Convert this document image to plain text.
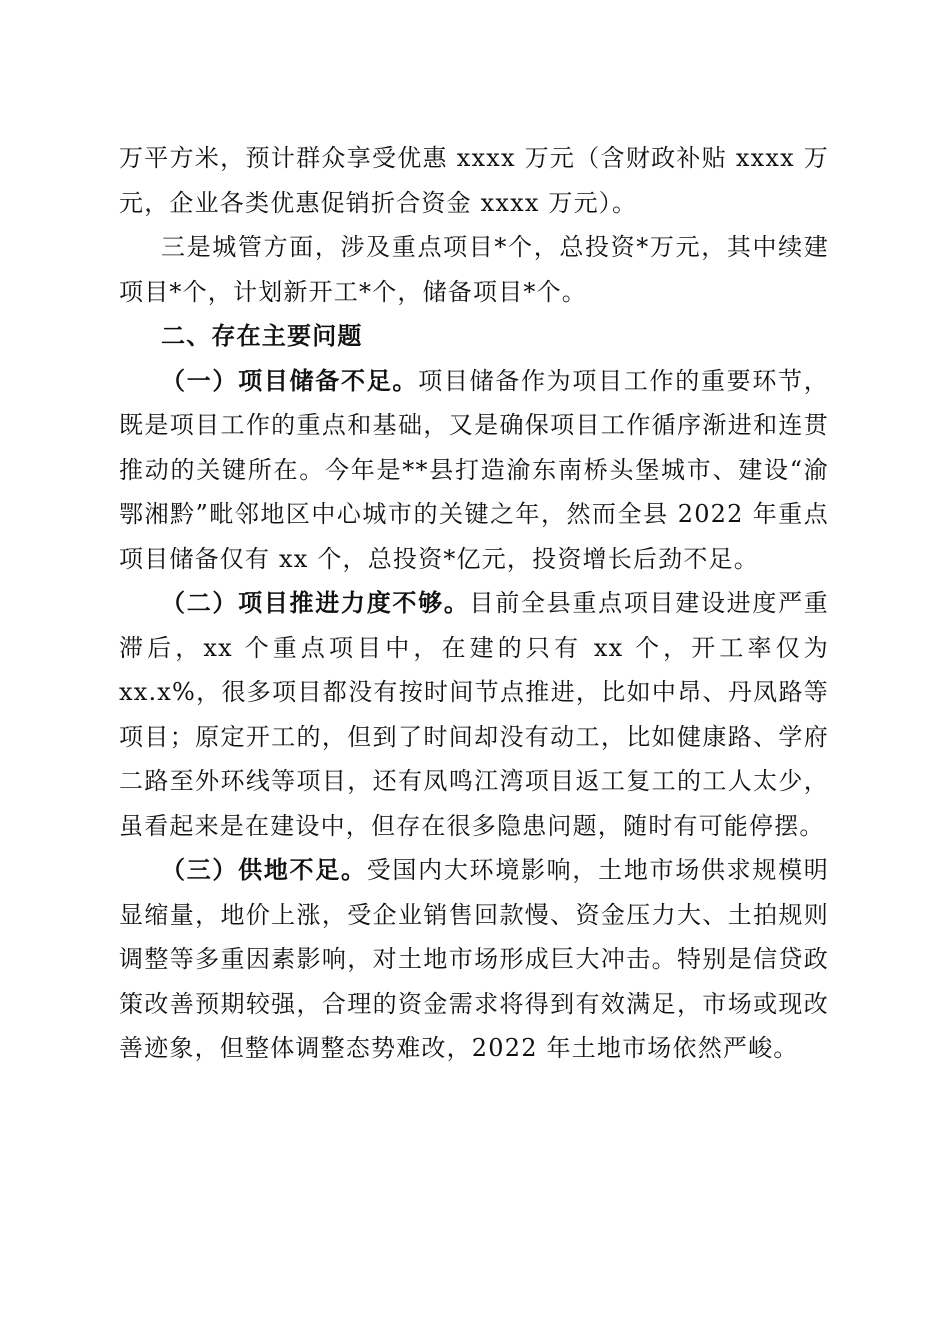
万平方米，预计群众享受优惠 xxxx 万元（含财政补贴 xxxx 万元，企业各类优惠促销折合资金 xxxx 万元）。

三是城管方面，涉及重点项目*个，总投资*万元，其中续建项目*个，计划新开工*个，储备项目*个。

二、存在主要问题

（一）项目储备不足。项目储备作为项目工作的重要环节，既是项目工作的重点和基础，又是确保项目工作循序渐进和连贯推动的关键所在。今年是**县打造渝东南桥头堡城市、建设“渝鄂湘黔”毗邻地区中心城市的关键之年，然而全县 2022 年重点项目储备仅有 xx 个，总投资*亿元，投资增长后劲不足。

（二）项目推进力度不够。目前全县重点项目建设进度严重滞后，xx 个重点项目中，在建的只有 xx 个，开工率仅为 xx.x%，很多项目都没有按时间节点推进，比如中昂、丹凤路等项目；原定开工的，但到了时间却没有动工，比如健康路、学府二路至外环线等项目，还有凤鸣江湾项目返工复工的工人太少，虽看起来是在建设中，但存在很多隐患问题，随时有可能停摆。

（三）供地不足。受国内大环境影响，土地市场供求规模明显缩量，地价上涨，受企业销售回款慢、资金压力大、土拍规则调整等多重因素影响，对土地市场形成巨大冲击。特别是信贷政策改善预期较强，合理的资金需求将得到有效满足，市场或现改善迹象，但整体调整态势难改，2022 年土地市场依然严峻。
